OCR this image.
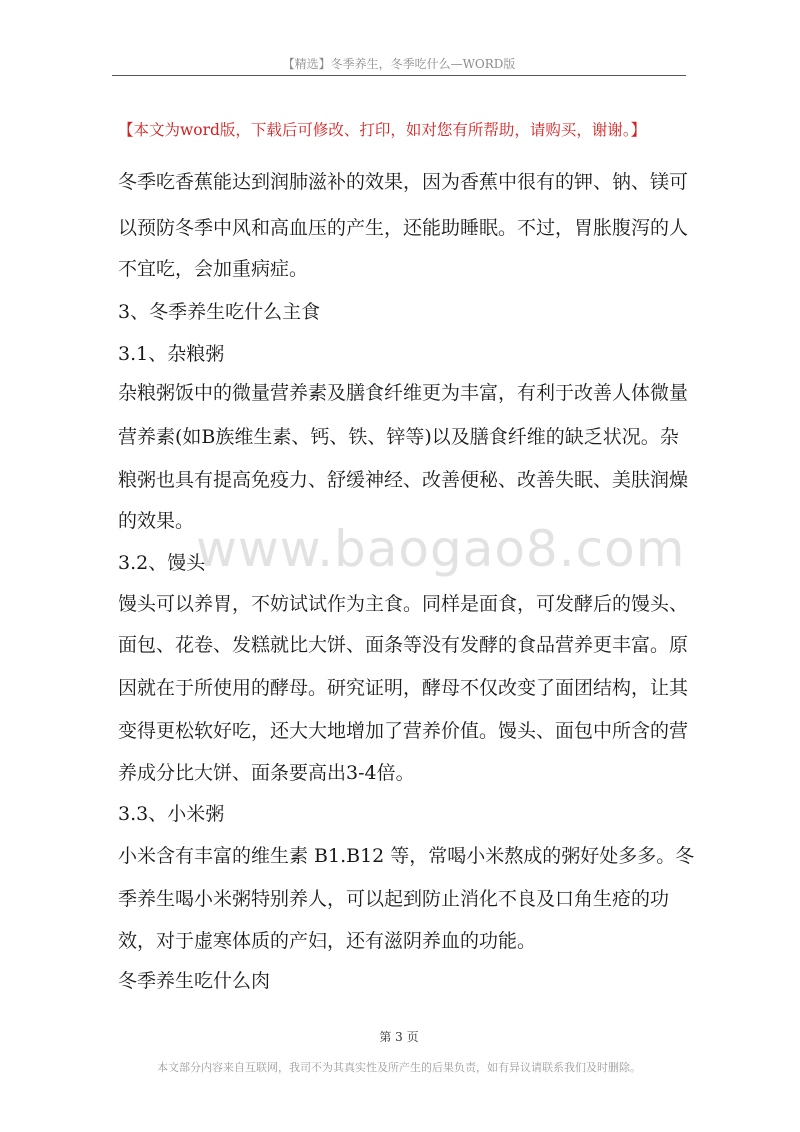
【精选】冬季养生，冬季吃什么—WORD版
【本文为word版，下载后可修改、打印，如对您有所帮助，请购买，谢谢。】
www.baogao8.com
冬季吃香蕉能达到润肺滋补的效果，因为香蕉中很有的钾、钠、镁可
以预防冬季中风和高血压的产生，还能助睡眠。不过，胃胀腹泻的人
不宜吃，会加重病症。
3、冬季养生吃什么主食
3.1、杂粮粥
杂粮粥饭中的微量营养素及膳食纤维更为丰富，有利于改善人体微量
营养素(如B族维生素、钙、铁、锌等)以及膳食纤维的缺乏状况。杂
粮粥也具有提高免疫力、舒缓神经、改善便秘、改善失眠、美肤润燥
的效果。
3.2、馒头
馒头可以养胃，不妨试试作为主食。同样是面食，可发酵后的馒头、
面包、花卷、发糕就比大饼、面条等没有发酵的食品营养更丰富。原
因就在于所使用的酵母。研究证明，酵母不仅改变了面团结构，让其
变得更松软好吃，还大大地增加了营养价值。馒头、面包中所含的营
养成分比大饼、面条要高出3-4倍。
3.3、小米粥
小米含有丰富的维生素 B1.B12 等，常喝小米熬成的粥好处多多。冬
季养生喝小米粥特别养人，可以起到防止消化不良及口角生疮的功
效，对于虚寒体质的产妇，还有滋阴养血的功能。
冬季养生吃什么肉
第 3 页
本文部分内容来自互联网，我司不为其真实性及所产生的后果负责，如有异议请联系我们及时删除。
